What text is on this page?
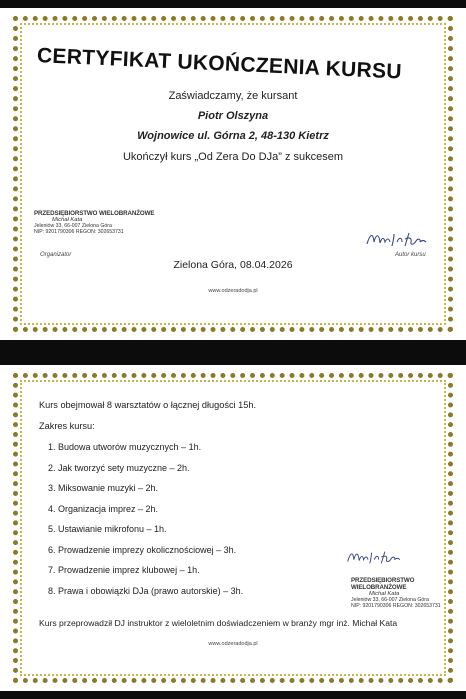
CERTYFIKAT UKOŃCZENIA KURSU
Zaświadczamy, że kursant
Piotr Olszyna
Wojnowice ul. Górna 2, 48-130 Kietrz
Ukończył kurs „Od Zera Do DJa” z sukcesem
PRZEDSIĘBIORSTWO WIELOBRANŻOWE
Michał Kata
Jeleniów 33, 66-007 Zielona Góra
NIP: 9201790306 REGON: 302653731
Organizator	Autor kursu
Zielona Góra, 08.04.2026
www.odzeradodja.pl
Kurs obejmował 8 warsztatów o łącznej długości 15h.
Zakres kursu:
1. Budowa utworów muzycznych – 1h.
2. Jak tworzyć sety muzyczne – 2h.
3. Miksowanie muzyki – 2h.
4. Organizacja imprez – 2h.
5. Ustawianie mikrofonu – 1h.
6. Prowadzenie imprezy okolicznościowej – 3h.
7. Prowadzenie imprez klubowej – 1h.
8. Prawa i obowiązki DJa (prawo autorskie) – 3h.
PRZEDSIĘBIORSTWO WIELOBRANŻOWE
Michał Kata
Jeleniów 33, 66-007 Zielona Góra
NIP: 9201790306 REGON: 302653731
Kurs przeprowadził DJ instruktor z wieloletnim doświadczeniem w branży mgr inż. Michał Kata
www.odzeradodja.pl
